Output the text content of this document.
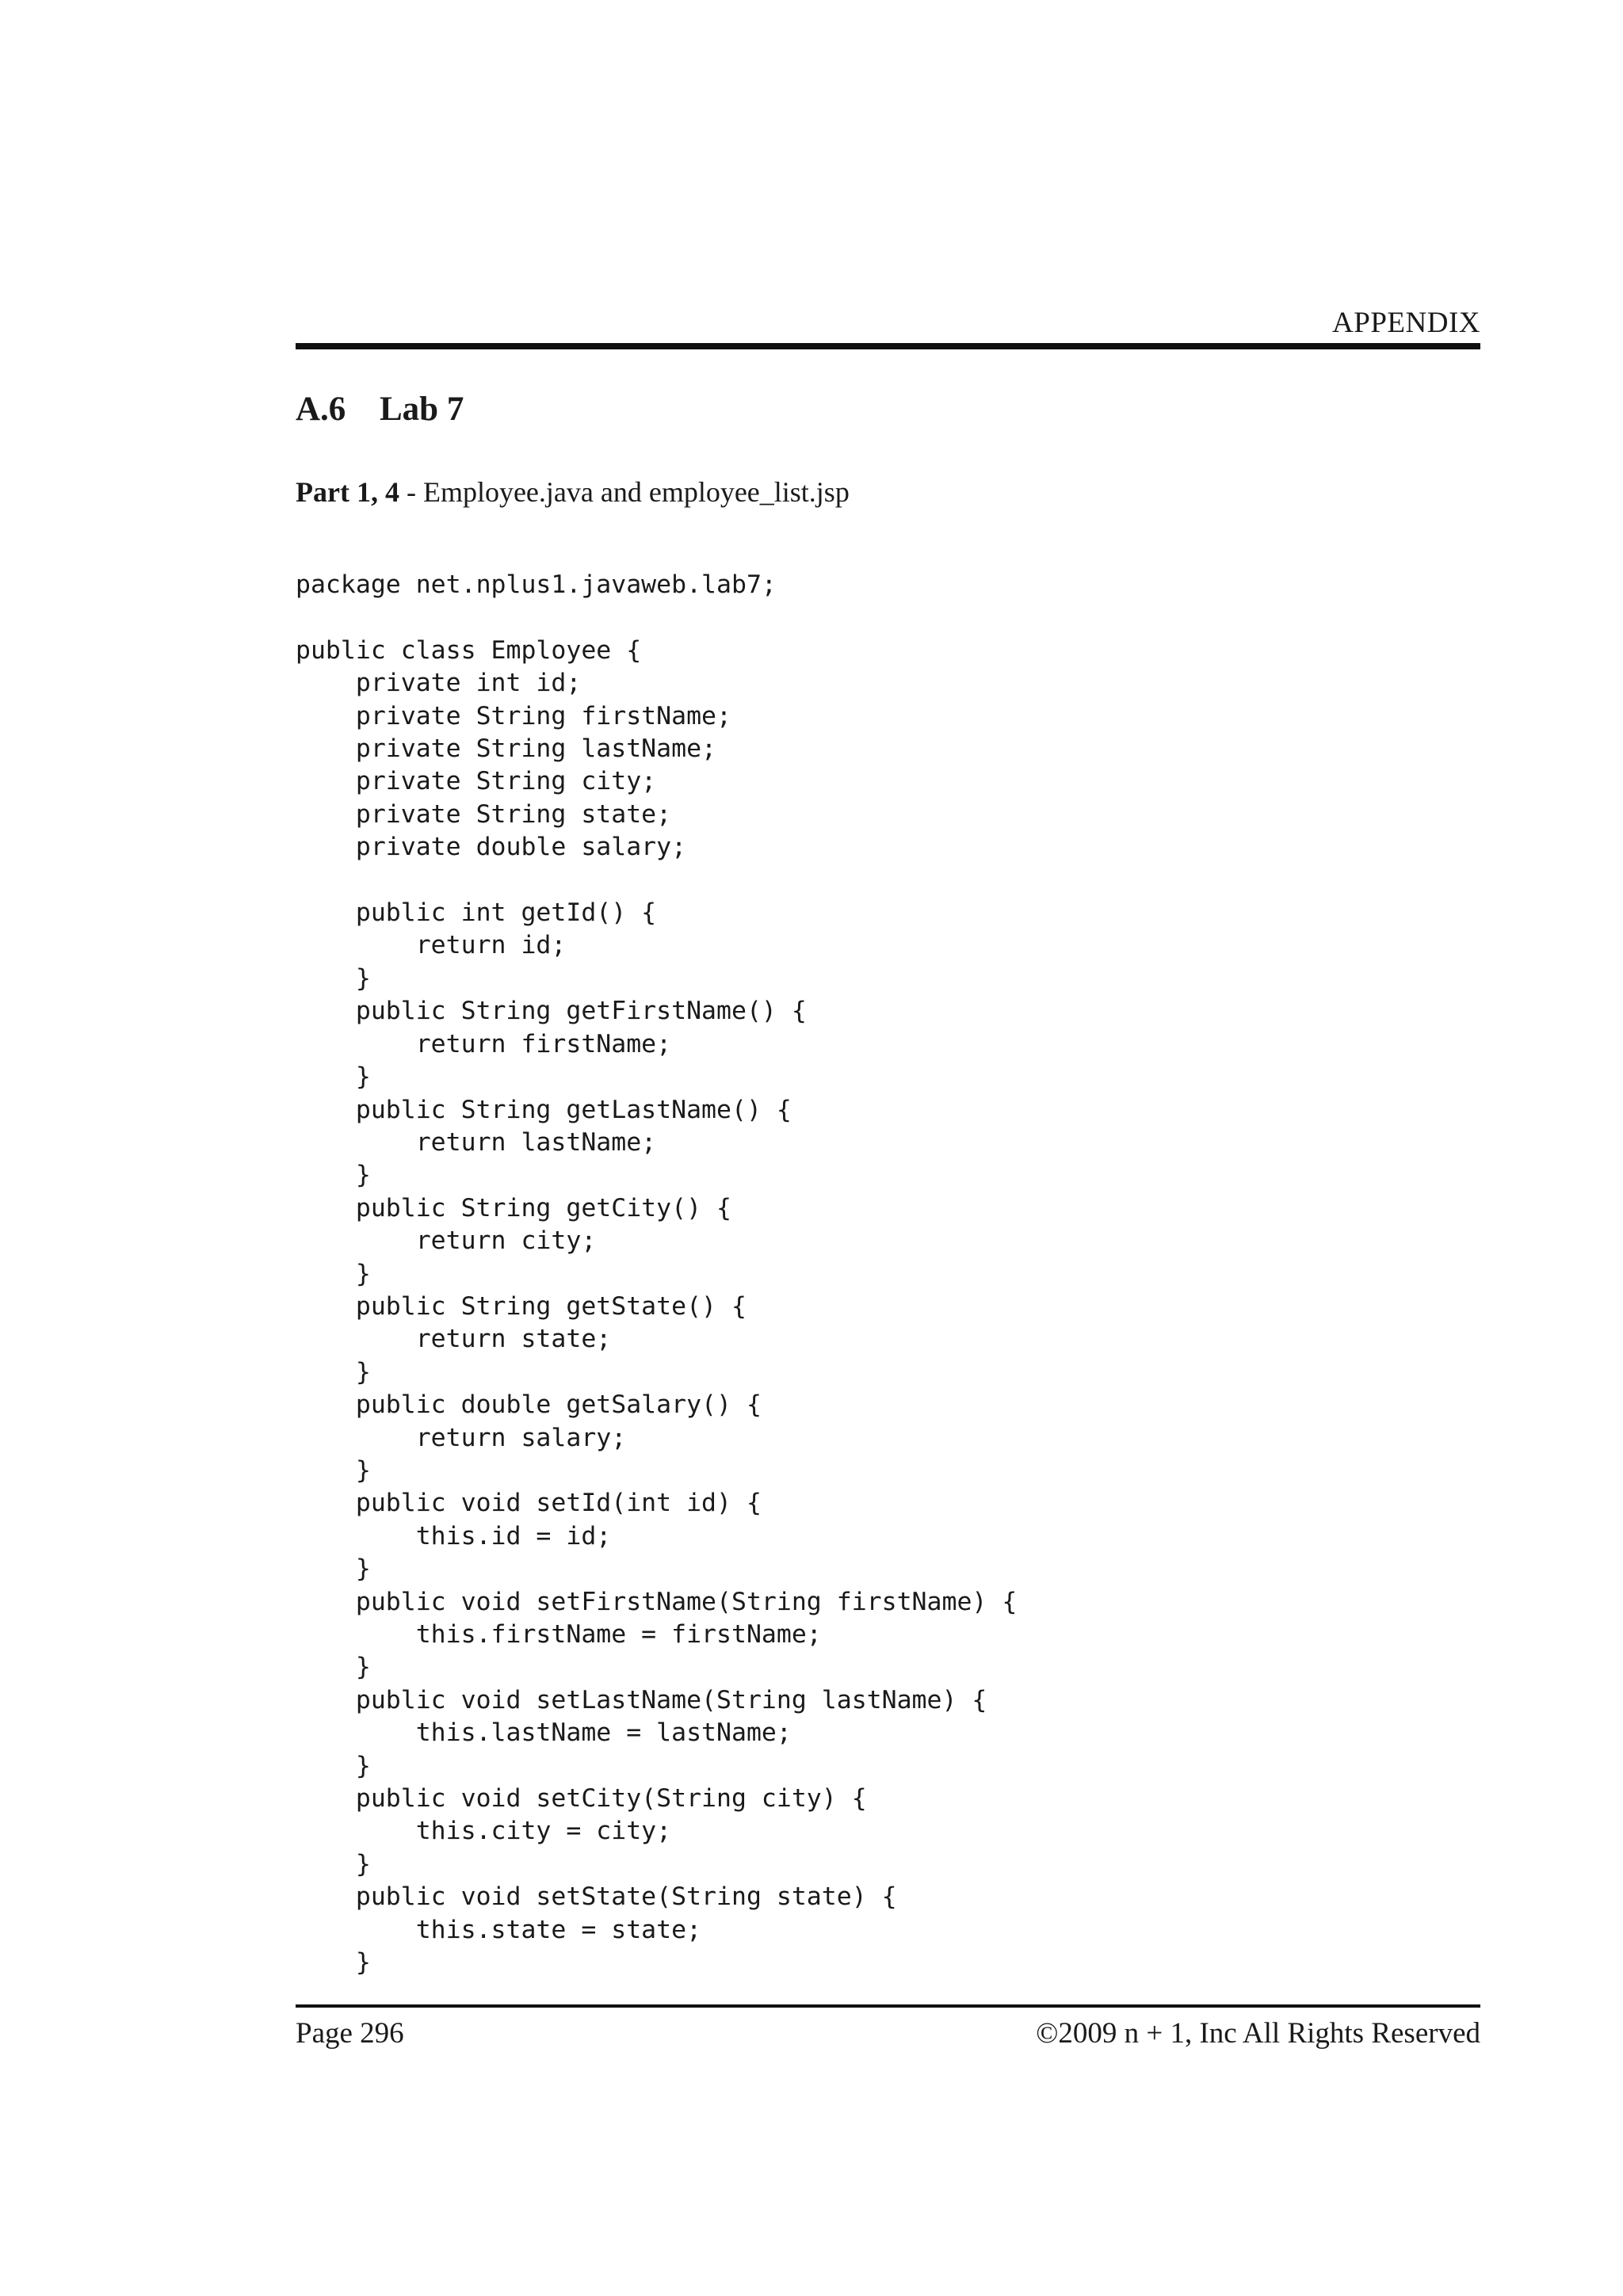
APPENDIX
A.6 Lab 7
Part 1, 4 - Employee.java and employee_list.jsp
package net.nplus1.javaweb.lab7;

public class Employee {
private int id;
private String firstName;
private String lastName;
private String city;
private String state;
private double salary;

public int getId() {
return id;
}
public String getFirstName() {
return firstName;
}
public String getLastName() {
return lastName;
}
public String getCity() {
return city;
}
public String getState() {
return state;
}
public double getSalary() {
return salary;
}
public void setId(int id) {
this.id = id;
}
public void setFirstName(String firstName) {
this.firstName = firstName;
}
public void setLastName(String lastName) {
this.lastName = lastName;
}
public void setCity(String city) {
this.city = city;
}
public void setState(String state) {
this.state = state;
}
Page 296	©2009 n + 1, Inc All Rights Reserved
